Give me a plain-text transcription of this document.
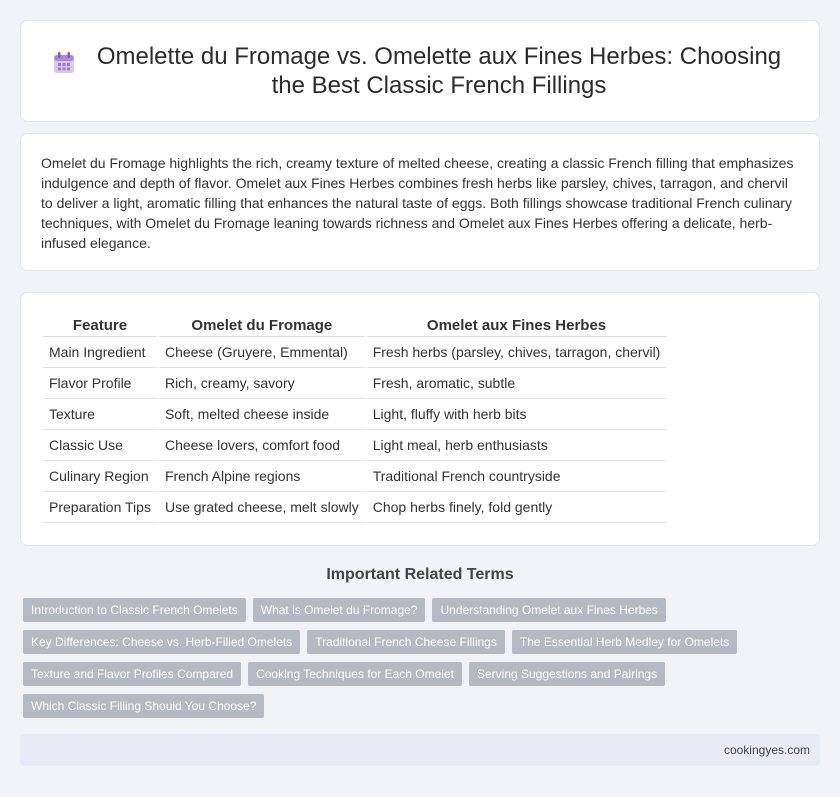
Omelette du Fromage vs. Omelette aux Fines Herbes: Choosing the Best Classic French Fillings

Omelet du Fromage highlights the rich, creamy texture of melted cheese, creating a classic French filling that emphasizes indulgence and depth of flavor. Omelet aux Fines Herbes combines fresh herbs like parsley, chives, tarragon, and chervil to deliver a light, aromatic filling that enhances the natural taste of eggs. Both fillings showcase traditional French culinary techniques, with Omelet du Fromage leaning towards richness and Omelet aux Fines Herbes offering a delicate, herb-infused elegance.

Feature	Omelet du Fromage	Omelet aux Fines Herbes
Main Ingredient	Cheese (Gruyere, Emmental)	Fresh herbs (parsley, chives, tarragon, chervil)
Flavor Profile	Rich, creamy, savory	Fresh, aromatic, subtle
Texture	Soft, melted cheese inside	Light, fluffy with herb bits
Classic Use	Cheese lovers, comfort food	Light meal, herb enthusiasts
Culinary Region	French Alpine regions	Traditional French countryside
Preparation Tips	Use grated cheese, melt slowly	Chop herbs finely, fold gently
Important Related Terms
Introduction to Classic French Omelets	What is Omelet du Fromage?	Understanding Omelet aux Fines Herbes
Key Differences: Cheese vs. Herb-Filled Omelets	Traditional French Cheese Fillings	The Essential Herb Medley for Omelets
Texture and Flavor Profiles Compared	Cooking Techniques for Each Omelet	Serving Suggestions and Pairings
Which Classic Filling Should You Choose?
cookingyes.com
